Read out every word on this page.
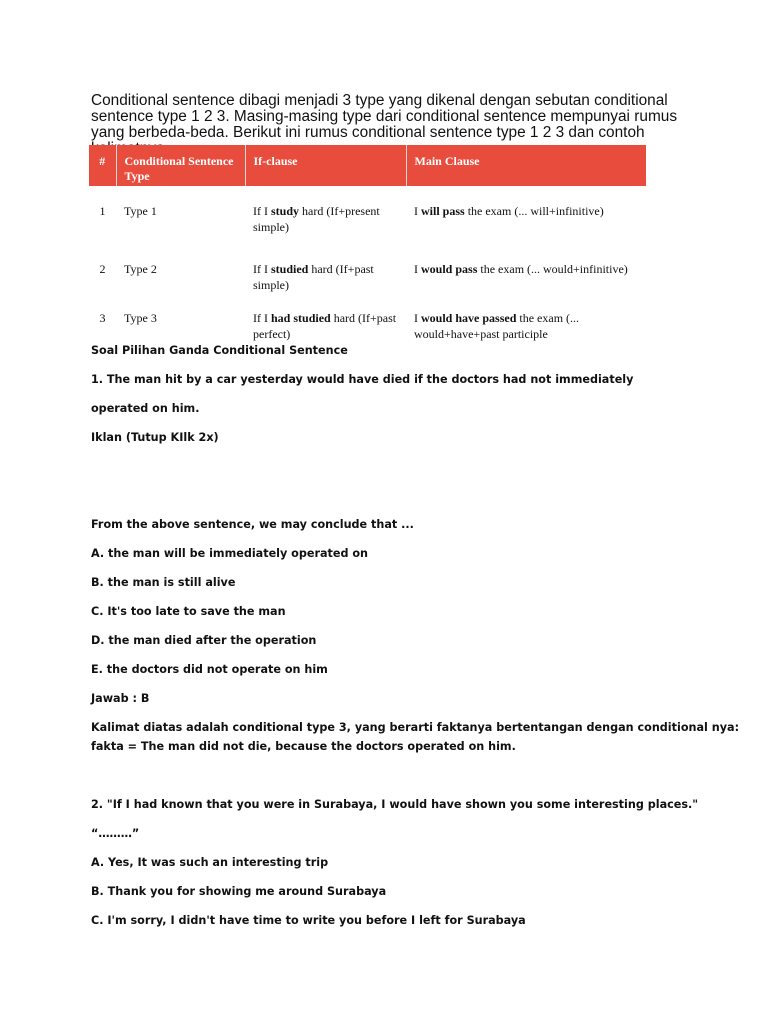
Conditional sentence dibagi menjadi 3 type yang dikenal dengan sebutan conditional sentence type 1 2 3. Masing-masing type dari conditional sentence mempunyai rumus yang berbeda-beda. Berikut ini rumus conditional sentence type 1 2 3 dan contoh

#	Conditional Sentence Type	If-clause	Main Clause
1	Type 1	If I study hard (If+present simple)	I will pass the exam (... will+infinitive)
2	Type 2	If I studied hard (If+past simple)	I would pass the exam (... would+infinitive)
3	Type 3	If I had studied hard (If+past perfect)	I would have passed the exam (... would+have+past participle

Soal Pilihan Ganda Conditional Sentence

1. The man hit by a car yesterday would have died if the doctors had not immediately

operated on him.

Iklan (Tutup KIlk 2x)

From the above sentence, we may conclude that ...

A. the man will be immediately operated on

B. the man is still alive

C. It's too late to save the man

D. the man died after the operation

E. the doctors did not operate on him

Jawab : B

Kalimat diatas adalah conditional type 3, yang berarti faktanya bertentangan dengan conditional nya:

fakta = The man did not die, because the doctors operated on him.

2. "If I had known that you were in Surabaya, I would have shown you some interesting places."

“………”

A. Yes, It was such an interesting trip

B. Thank you for showing me around Surabaya

C. I'm sorry, I didn't have time to write you before I left for Surabaya
